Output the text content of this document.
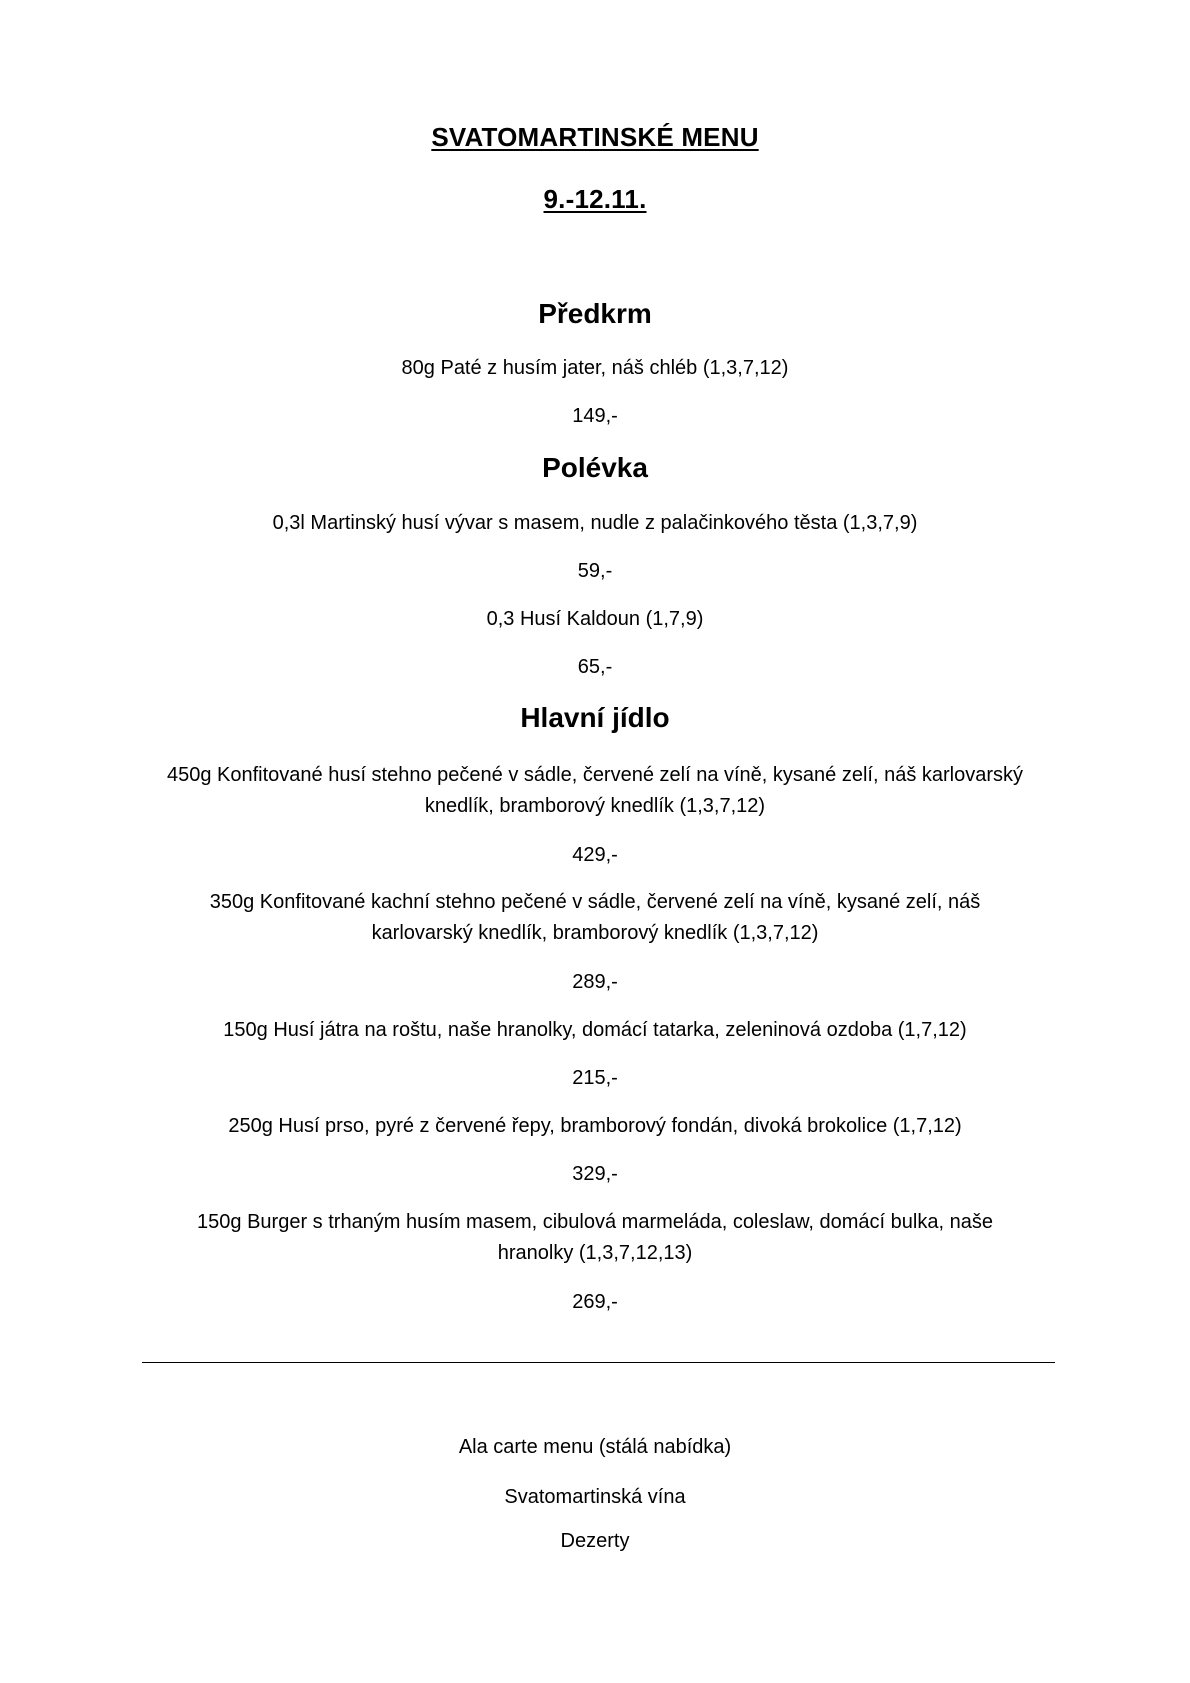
SVATOMARTINSKÉ MENU
9.-12.11.
Předkrm
80g Paté z husím jater, náš chléb (1,3,7,12)
149,-
Polévka
0,3l Martinský husí vývar s masem, nudle z palačinkového těsta (1,3,7,9)
59,-
0,3 Husí Kaldoun (1,7,9)
65,-
Hlavní jídlo
450g Konfitované husí stehno pečené v sádle, červené zelí na víně, kysané zelí, náš karlovarský knedlík, bramborový knedlík (1,3,7,12)
429,-
350g Konfitované kachní stehno pečené v sádle, červené zelí na víně, kysané zelí, náš karlovarský knedlík, bramborový knedlík (1,3,7,12)
289,-
150g Husí játra na roštu, naše hranolky, domácí tatarka, zeleninová ozdoba (1,7,12)
215,-
250g Husí prso, pyré z červené řepy, bramborový fondán, divoká brokolice (1,7,12)
329,-
150g Burger s trhaným husím masem, cibulová marmeláda, coleslaw, domácí bulka, naše hranolky (1,3,7,12,13)
269,-
Ala carte menu (stálá nabídka)
Svatomartinská vína
Dezerty
